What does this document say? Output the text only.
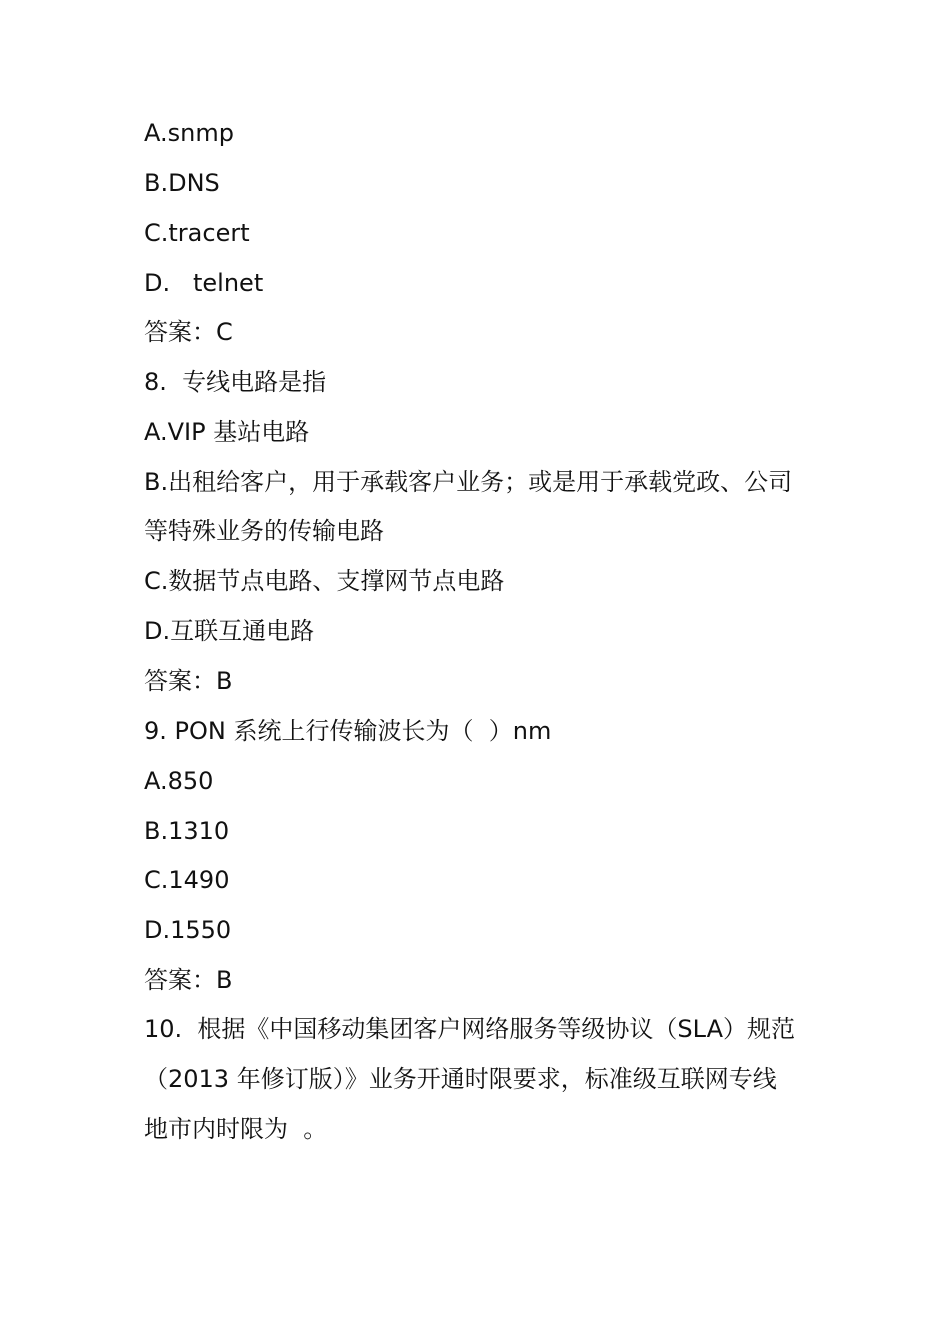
A.snmp
B.DNS
C.tracert
D.   telnet
答案：C
8.  专线电路是指
A.VIP 基站电路
B.出租给客户，用于承载客户业务；或是用于承载党政、公司
等特殊业务的传输电路
C.数据节点电路、支撑网节点电路
D.互联互通电路
答案：B
9. PON 系统上行传输波长为（  ）nm
A.850
B.1310
C.1490
D.1550
答案：B
10.  根据《中国移动集团客户网络服务等级协议（SLA）规范
（2013 年修订版）》业务开通时限要求，标准级互联网专线
地市内时限为  。
